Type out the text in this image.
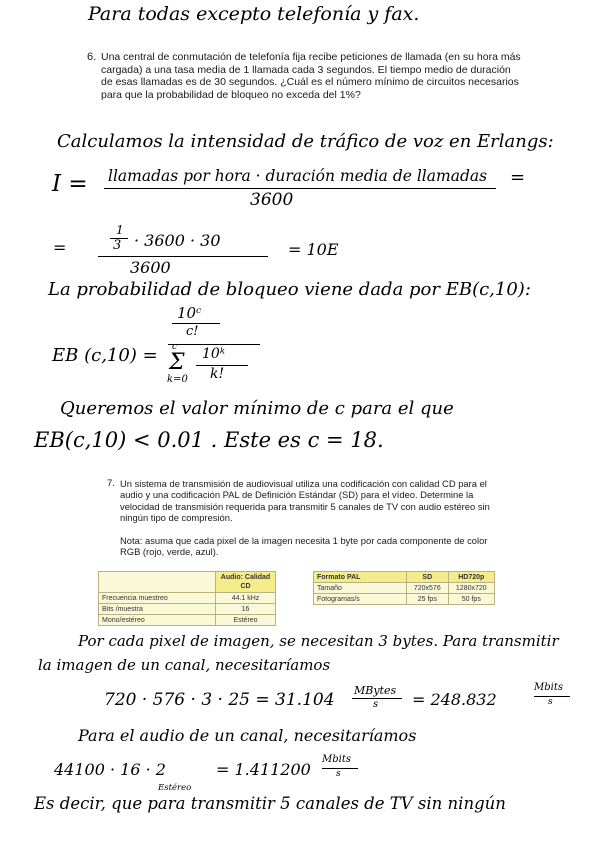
Para todas excepto telefonía y fax.
6. Una central de conmutación de telefonía fija recibe peticiones de llamada (en su hora más cargada) a una tasa media de 1 llamada cada 3 segundos. El tiempo medio de duración de esas llamadas es de 30 segundos. ¿Cuál es el número mínimo de circuitos necesarios para que la probabilidad de bloqueo no exceda del 1%?
Calculamos la intensidad de tráfico de voz en Erlangs:
I = llamadas por hora · duración media de llamadas
3600
=
=
1
3 · 3600 · 30
3600
= 10E
La probabilidad de bloqueo viene dada por EB(c,10):
EB (c,10) =
10ᶜ
c!
c
Σ
k=0
10ᵏ
k!
Queremos el valor mínimo de c para el que
EB(c,10) < 0.01 . Este es c = 18.
7. Un sistema de transmisión de audiovisual utiliza una codificación con calidad CD para el audio y una codificación PAL de Definición Estándar (SD) para el vídeo. Determine la velocidad de transmisión requerida para transmitir 5 canales de TV con audio estéreo sin ningún tipo de compresión.
Nota: asuma que cada pixel de la imagen necesita 1 byte por cada componente de color RGB (rojo, verde, azul).
	Audio: Calidad CD
Frecuencia muestreo	44.1 kHz
Bits /muestra	16
Mono/estéreo	Estéreo
Formato PAL	SD	HD720p
Tamaño	720x576	1280x720
Fotogramas/s	25 fps	50 fps
Por cada pixel de imagen, se necesitan 3 bytes. Para transmitir
la imagen de un canal, necesitaríamos
720 · 576 · 3 · 25 = 31.104 MBytes
s = 248.832
Mbits
s
Para el audio de un canal, necesitaríamos
44100 · 16 · 2
Estéreo
= 1.411200
Mbits
s
Es decir, que para transmitir 5 canales de TV sin ningún
